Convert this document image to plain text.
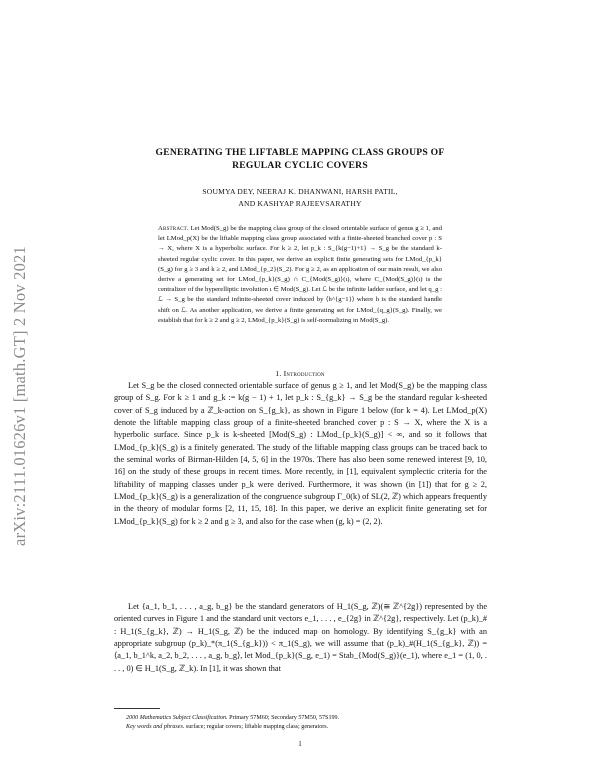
arXiv:2111.01626v1 [math.GT] 2 Nov 2021

GENERATING THE LIFTABLE MAPPING CLASS GROUPS OF

REGULAR CYCLIC COVERS

SOUMYA DEY, NEERAJ K. DHANWANI, HARSH PATIL,

AND KASHYAP RAJEEVSARATHY

Abstract. Let Mod(S_g) be the mapping class group of the closed orientable surface of genus g ≥ 1, and let LMod_p(X) be the liftable mapping class group associated with a finite-sheeted branched cover p : S → X, where X is a hyperbolic surface. For k ≥ 2, let p_k : S_{k(g−1)+1} → S_g be the standard k-sheeted regular cyclic cover. In this paper, we derive an explicit finite generating sets for LMod_{p_k}(S_g) for g ≥ 3 and k ≥ 2, and LMod_{p_2}(S_2). For g ≥ 2, as an application of our main result, we also derive a generating set for LMod_{p_k}(S_g) ∩ C_{Mod(S_g)}(ι), where C_{Mod(S_g)}(ι) is the centralizer of the hyperelliptic involution ι ∈ Mod(S_g). Let ℒ be the infinite ladder surface, and let q_g : ℒ → S_g be the standard infinite-sheeted cover induced by ⟨h^{g−1}⟩ where h is the standard handle shift on ℒ. As another application, we derive a finite generating set for LMod_{q_g}(S_g). Finally, we establish that for k ≥ 2 and g ≥ 2, LMod_{p_k}(S_g) is self-normalizing in Mod(S_g).

1. Introduction

Let S_g be the closed connected orientable surface of genus g ≥ 1, and let Mod(S_g) be the mapping class group of S_g. For k ≥ 1 and g_k := k(g − 1) + 1, let p_k : S_{g_k} → S_g be the standard regular k-sheeted cover of S_g induced by a ℤ_k-action on S_{g_k}, as shown in Figure 1 below (for k = 4). Let LMod_p(X) denote the liftable mapping class group of a finite-sheeted branched cover p : S → X, where the X is a hyperbolic surface. Since p_k is k-sheeted [Mod(S_g) : LMod_{p_k}(S_g)] < ∞, and so it follows that LMod_{p_k}(S_g) is a finitely generated. The study of the liftable mapping class groups can be traced back to the seminal works of Birman-Hilden [4, 5, 6] in the 1970s. There has also been some renewed interest [9, 10, 16] on the study of these groups in recent times. More recently, in [1], equivalent symplectic criteria for the liftability of mapping classes under p_k were derived. Furthermore, it was shown (in [1]) that for g ≥ 2, LMod_{p_k}(S_g) is a generalization of the congruence subgroup Γ_0(k) of SL(2, ℤ) which appears frequently in the theory of modular forms [2, 11, 15, 18]. In this paper, we derive an explicit finite generating set for LMod_{p_k}(S_g) for k ≥ 2 and g ≥ 3, and also for the case when (g, k) = (2, 2).

Let {a_1, b_1, . . . , a_g, b_g} be the standard generators of H_1(S_g, ℤ)(≅ ℤ^{2g}) represented by the oriented curves in Figure 1 and the standard unit vectors e_1, . . . , e_{2g} in ℤ^{2g}, respectively. Let (p_k)_# : H_1(S_{g_k}, ℤ) → H_1(S_g, ℤ) be the induced map on homology. By identifying S_{g_k} with an appropriate subgroup (p_k)_*(π_1(S_{g_k})) < π_1(S_g), we will assume that (p_k)_#(H_1(S_{g_k}, ℤ)) = ⟨a_1, b_1^k, a_2, b_2, . . . , a_g, b_g⟩, let Mod_{p_k}(S_g, e_1) = Stab_{Mod(S_g)}(e_1), where e_1 = (1, 0, . . . , 0) ∈ H_1(S_g, ℤ_k). In [1], it was shown that

2000 Mathematics Subject Classification. Primary 57M60; Secondary 57M50, 57S199.

Key words and phrases. surface; regular covers; liftable mapping class; generators.

1
